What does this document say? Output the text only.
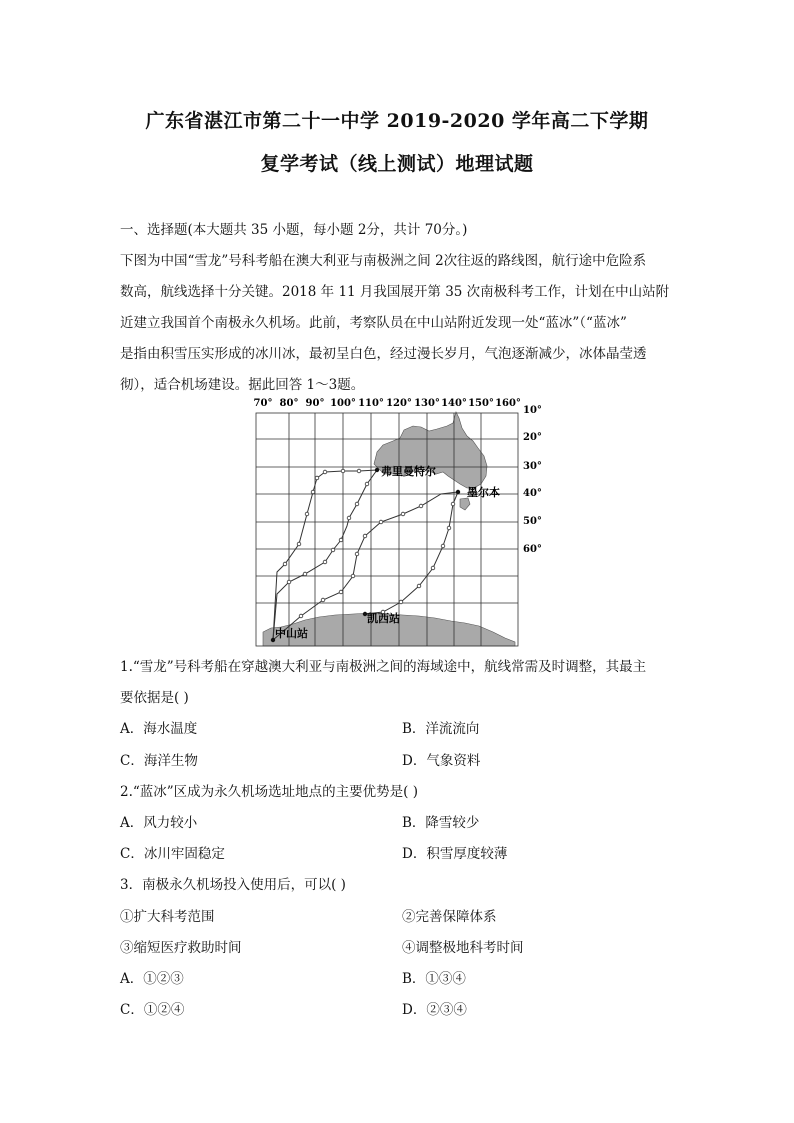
广东省湛江市第二十一中学 2019-2020 学年高二下学期
复学考试（线上测试）地理试题
一、选择题(本大题共 35 小题，每小题 2分，共计 70分。)
下图为中国“雪龙”号科考船在澳大利亚与南极洲之间 2次往返的路线图，航行途中危险系
数高，航线选择十分关键。2018 年 11 月我国展开第 35 次南极科考工作，计划在中山站附
近建立我国首个南极永久机场。此前，考察队员在中山站附近发现一处“蓝冰”（“蓝冰”
是指由积雪压实形成的冰川冰，最初呈白色，经过漫长岁月，气泡逐渐减少，冰体晶莹透
彻），适合机场建设。据此回答 1～3题。
70° 80° 90° 100° 110° 120° 130° 140° 150° 160°
10°
20°
30°
40°
50°
60°
弗里曼特尔
墨尔本
凯西站
中山站
1.“雪龙”号科考船在穿越澳大利亚与南极洲之间的海域途中，航线常需及时调整，其最主
要依据是( )
A．海水温度	B．洋流流向
C．海洋生物	D．气象资料
2.“蓝冰”区成为永久机场选址地点的主要优势是( )
A．风力较小	B．降雪较少
C．冰川牢固稳定	D．积雪厚度较薄
3．南极永久机场投入使用后，可以( )
①扩大科考范围	②完善保障体系
③缩短医疗救助时间	④调整极地科考时间
A．①②③	B．①③④
C．①②④	D．②③④
